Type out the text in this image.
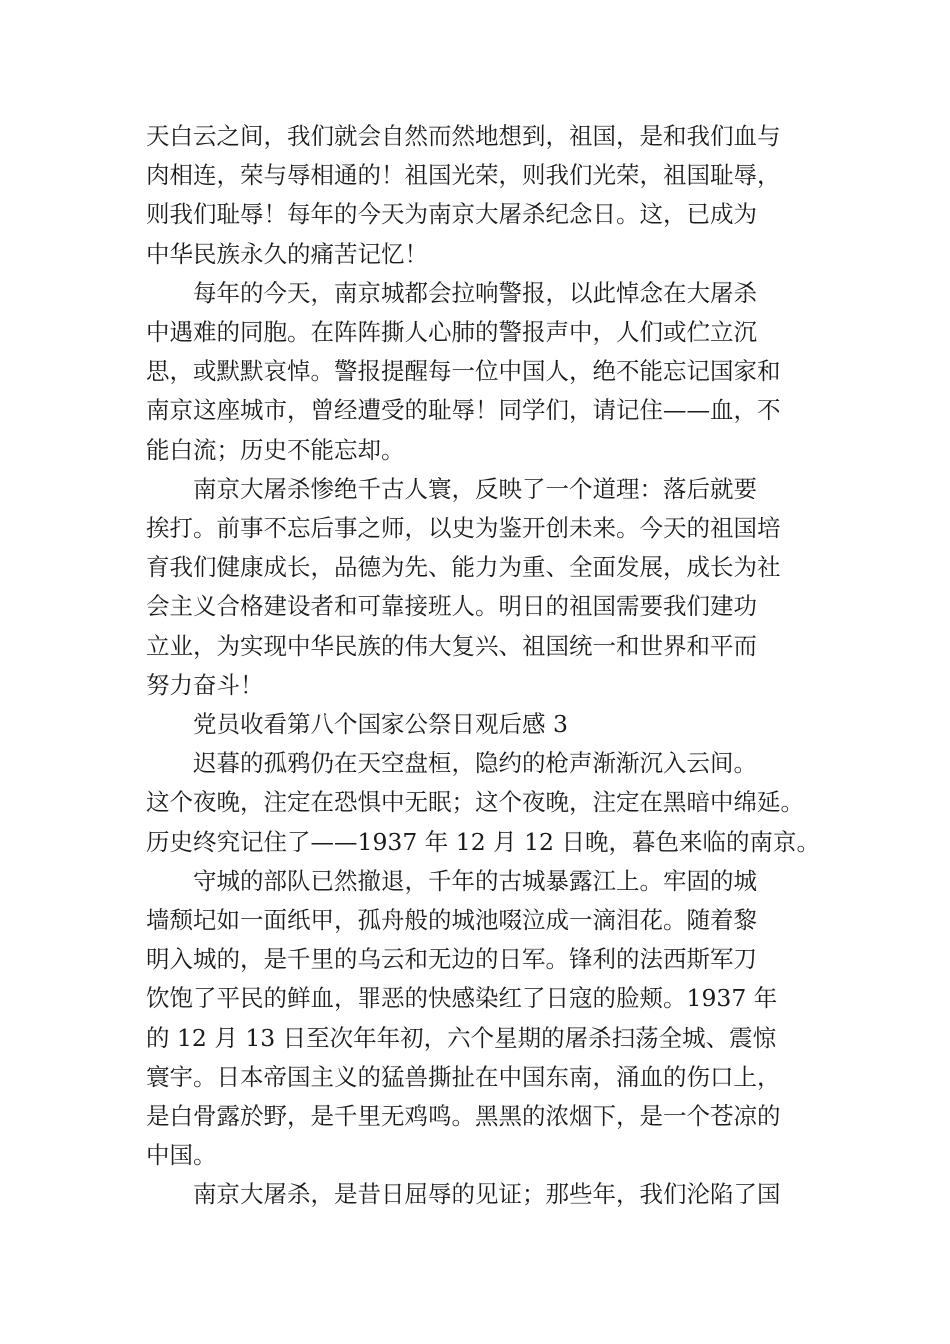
天白云之间，我们就会自然而然地想到，祖国，是和我们血与
肉相连，荣与辱相通的！祖国光荣，则我们光荣，祖国耻辱，
则我们耻辱！每年的今天为南京大屠杀纪念日。这，已成为
中华民族永久的痛苦记忆！

每年的今天，南京城都会拉响警报，以此悼念在大屠杀
中遇难的同胞。在阵阵撕人心肺的警报声中，人们或伫立沉
思，或默默哀悼。警报提醒每一位中国人，绝不能忘记国家和
南京这座城市，曾经遭受的耻辱！同学们，请记住——血，不
能白流；历史不能忘却。

南京大屠杀惨绝千古人寰，反映了一个道理：落后就要
挨打。前事不忘后事之师，以史为鉴开创未来。今天的祖国培
育我们健康成长，品德为先、能力为重、全面发展，成长为社
会主义合格建设者和可靠接班人。明日的祖国需要我们建功
立业，为实现中华民族的伟大复兴、祖国统一和世界和平而
努力奋斗！

党员收看第八个国家公祭日观后感 3

迟暮的孤鸦仍在天空盘桓，隐约的枪声渐渐沉入云间。
这个夜晚，注定在恐惧中无眠；这个夜晚，注定在黑暗中绵延。
历史终究记住了——1937 年 12 月 12 日晚，暮色来临的南京。

守城的部队已然撤退，千年的古城暴露江上。牢固的城
墙颓圮如一面纸甲，孤舟般的城池啜泣成一滴泪花。随着黎
明入城的，是千里的乌云和无边的日军。锋利的法西斯军刀
饮饱了平民的鲜血，罪恶的快感染红了日寇的脸颊。1937 年
的 12 月 13 日至次年年初，六个星期的屠杀扫荡全城、震惊
寰宇。日本帝国主义的猛兽撕扯在中国东南，涌血的伤口上，
是白骨露於野，是千里无鸡鸣。黑黑的浓烟下，是一个苍凉的
中国。

南京大屠杀，是昔日屈辱的见证；那些年，我们沦陷了国
